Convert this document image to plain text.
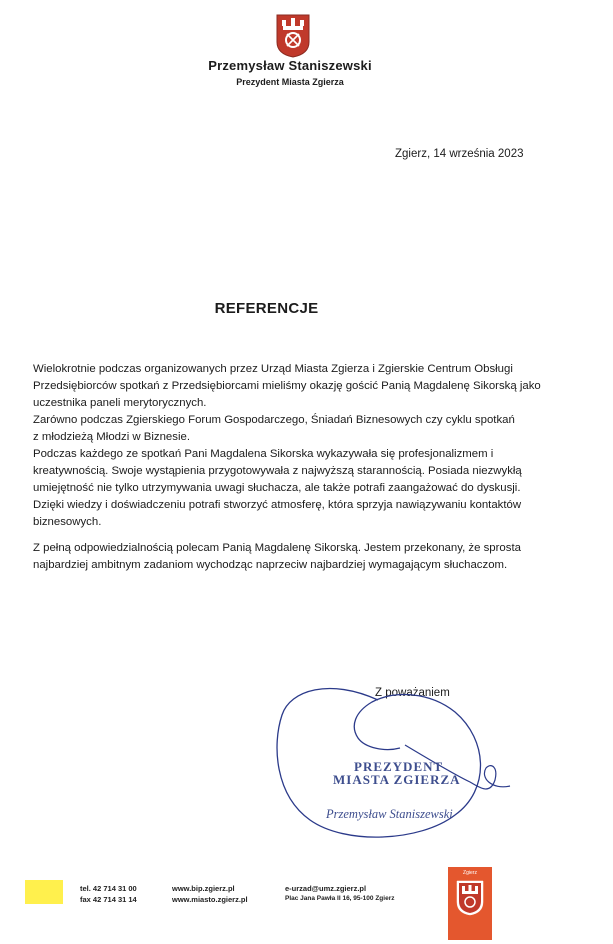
Przemysław Staniszewski
Prezydent Miasta Zgierza
Zgierz, 14 września 2023
REFERENCJE
Wielokrotnie podczas organizowanych przez Urząd Miasta Zgierza i Zgierskie Centrum Obsługi
Przedsiębiorców spotkań z Przedsiębiorcami mieliśmy okazję gościć Panią Magdalenę Sikorską jako
uczestnika paneli merytorycznych.
Zarówno podczas Zgierskiego Forum Gospodarczego, Śniadań Biznesowych czy cyklu spotkań
z młodzieżą Młodzi w Biznesie.
Podczas każdego ze spotkań Pani Magdalena Sikorska wykazywała się profesjonalizmem i
kreatywnością. Swoje wystąpienia przygotowywała z najwyższą starannością. Posiada niezwykłą
umiejętność nie tylko utrzymywania uwagi słuchacza, ale także potrafi zaangażować do dyskusji.
Dzięki wiedzy i doświadczeniu potrafi stworzyć atmosferę, która sprzyja nawiązywaniu kontaktów
biznesowych.
Z pełną odpowiedzialnością polecam Panią Magdalenę Sikorską. Jestem przekonany, że sprosta
najbardziej ambitnym zadaniom wychodząc naprzeciw najbardziej wymagającym słuchaczom.
Z poważaniem
PREZYDENT
MIASTA ZGIERZA
Przemysław Staniszewski
tel. 42 714 31 00
fax 42 714 31 14
www.bip.zgierz.pl
www.miasto.zgierz.pl
e-urzad@umz.zgierz.pl
Plac Jana Pawła II 16, 95-100 Zgierz
Zgierz
